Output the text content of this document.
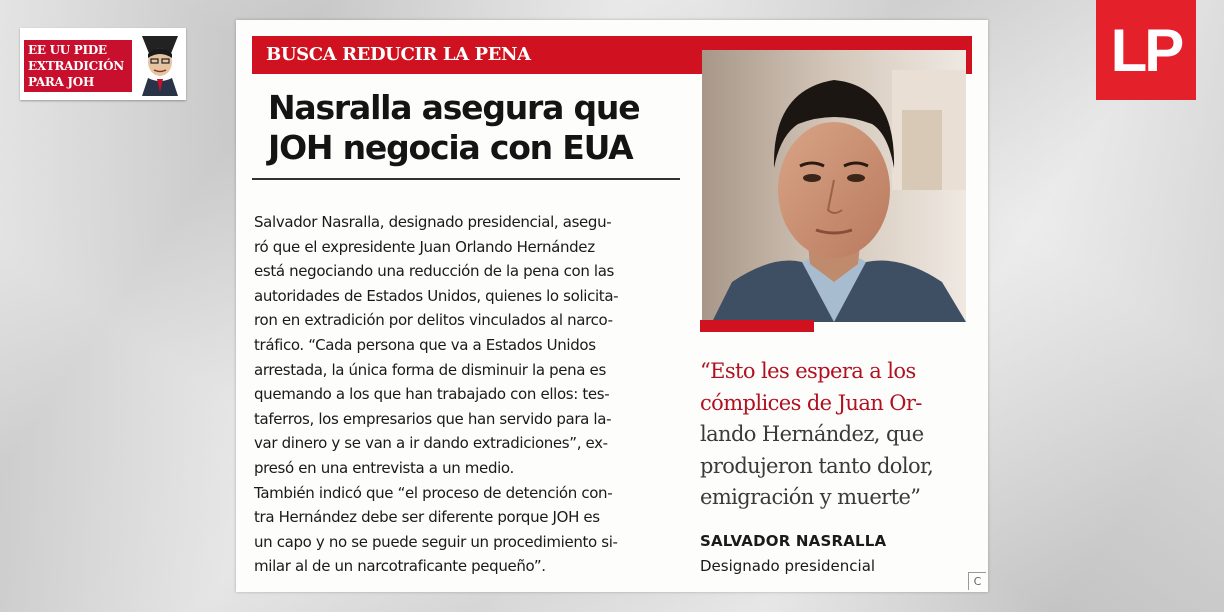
EE UU PIDE
EXTRADICIÓN
PARA JOH	LP
BUSCA REDUCIR LA PENA
Nasralla asegura que
JOH negocia con EUA
Salvador Nasralla, designado presidencial, asegu-
ró que el expresidente Juan Orlando Hernández
está negociando una reducción de la pena con las
autoridades de Estados Unidos, quienes lo solicita-
ron en extradición por delitos vinculados al narco-
tráfico. “Cada persona que va a Estados Unidos
arrestada, la única forma de disminuir la pena es
quemando a los que han trabajado con ellos: tes-
taferros, los empresarios que han servido para la-
var dinero y se van a ir dando extradiciones”, ex-
presó en una entrevista a un medio.
También indicó que “el proceso de detención con-
tra Hernández debe ser diferente porque JOH es
un capo y no se puede seguir un procedimiento si-
milar al de un narcotraficante pequeño”.
“Esto les espera a los
cómplices de Juan Or-
lando Hernández, que
produjeron tanto dolor,
emigración y muerte”
SALVADOR NASRALLA
Designado presidencial
C
